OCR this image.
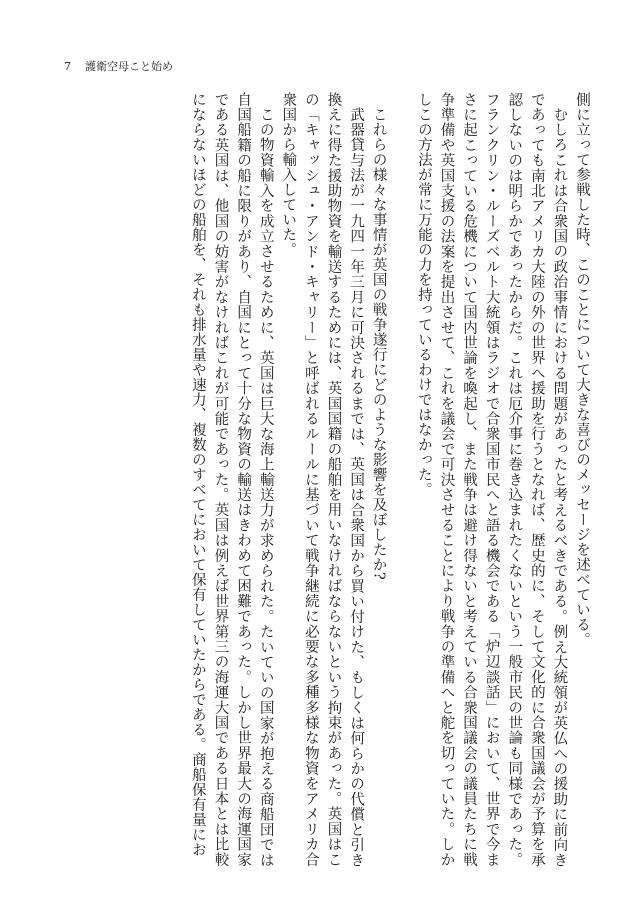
7 護衛空母こと始め

側に立って参戦した時、このことについて大きな喜びのメッセージを述べている。

むしろこれは合衆国の政治事情における問題があったと考えるべきである。例え大統領が英仏への援助に前向きであっても南北アメリカ大陸の外の世界へ援助を行うとなれば、歴史的に、そして文化的に合衆国議会が予算を承認しないのは明らかであったからだ。これは厄介事に巻き込まれたくないという一般市民の世論も同様であった。フランクリン・ルーズベルト大統領はラジオで合衆国市民へと語る機会である「炉辺談話」において、世界で今まさに起こっている危機について国内世論を喚起し、また戦争は避け得ないと考えている合衆国議会の議員たちに戦争準備や英国支援の法案を提出させて、これを議会で可決させることにより戦争の準備へと舵を切っていた。しかしこの方法が常に万能の力を持っているわけではなかった。

これらの様々な事情が英国の戦争遂行にどのような影響を及ぼしたか?

武器貸与法が一九四一年三月に可決されるまでは、英国は合衆国から買い付けた、もしくは何らかの代償と引き換えに得た援助物資を輸送するためには、英国国籍の船舶を用いなければならないという拘束があった。英国はこの「キャッシュ・アンド・キャリー」と呼ばれるルールに基づいて戦争継続に必要な多種多様な物資をアメリカ合衆国から輸入していた。

この物資輸入を成立させるために、英国は巨大な海上輸送力が求められた。たいていの国家が抱える商船団では自国船籍の船に限りがあり、自国にとって十分な物資の輸送はきわめて困難であった。しかし世界最大の海運国家である英国は、他国の妨害がなければこれが可能であった。英国は例えば世界第三の海運大国である日本とは比較にならないほどの船舶を、それも排水量や速力、複数のすべてにおいて保有していたからである。商船保有量にお
